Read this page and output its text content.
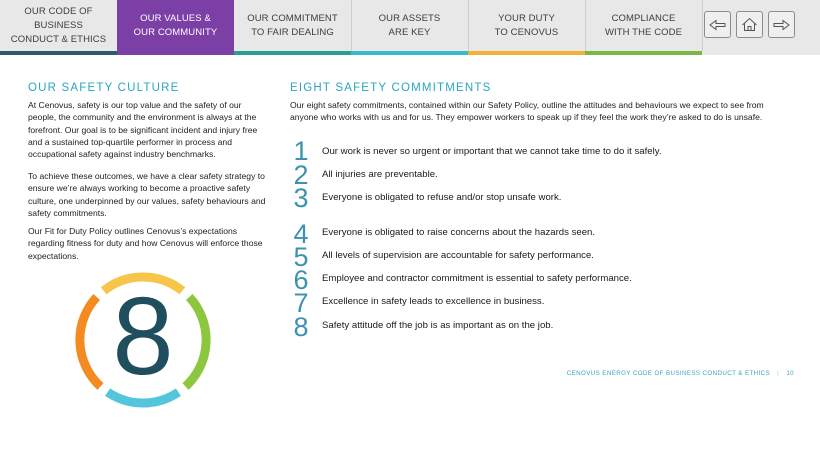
OUR CODE OF BUSINESS
CONDUCT & ETHICS
OUR VALUES &
OUR COMMUNITY
OUR COMMITMENT
TO FAIR DEALING
OUR ASSETS
ARE KEY
YOUR DUTY
TO CENOVUS
COMPLIANCE
WITH THE CODE
OUR SAFETY CULTURE

At Cenovus, safety is our top value and the safety of our people, the community and the environment is always at the forefront. Our goal is to be significant incident and injury free and a sustained top-quartile performer in process and occupational safety against industry benchmarks.

To achieve these outcomes, we have a clear safety strategy to ensure we’re always working to become a proactive safety culture, one underpinned by our values, safety behaviours and safety commitments.

Our Fit for Duty Policy outlines Cenovus’s expectations regarding fitness for duty and how Cenovus will enforce those expectations.

8
EIGHT SAFETY COMMITMENTS

Our eight safety commitments, contained within our Safety Policy, outline the attitudes and behaviours we expect to see from anyone who works with us and for us. They empower workers to speak up if they feel the work they’re asked to do is unsafe.

1 Our work is never so urgent or important that we cannot take time to do it safely.
2 All injuries are preventable.
3 Everyone is obligated to refuse and/or stop unsafe work.
4 Everyone is obligated to raise concerns about the hazards seen.
5 All levels of supervision are accountable for safety performance.
6 Employee and contractor commitment is essential to safety performance.
7 Excellence in safety leads to excellence in business.
8 Safety attitude off the job is as important as on the job.
CENOVUS ENERGY CODE OF BUSINESS CONDUCT & ETHICS | 10
